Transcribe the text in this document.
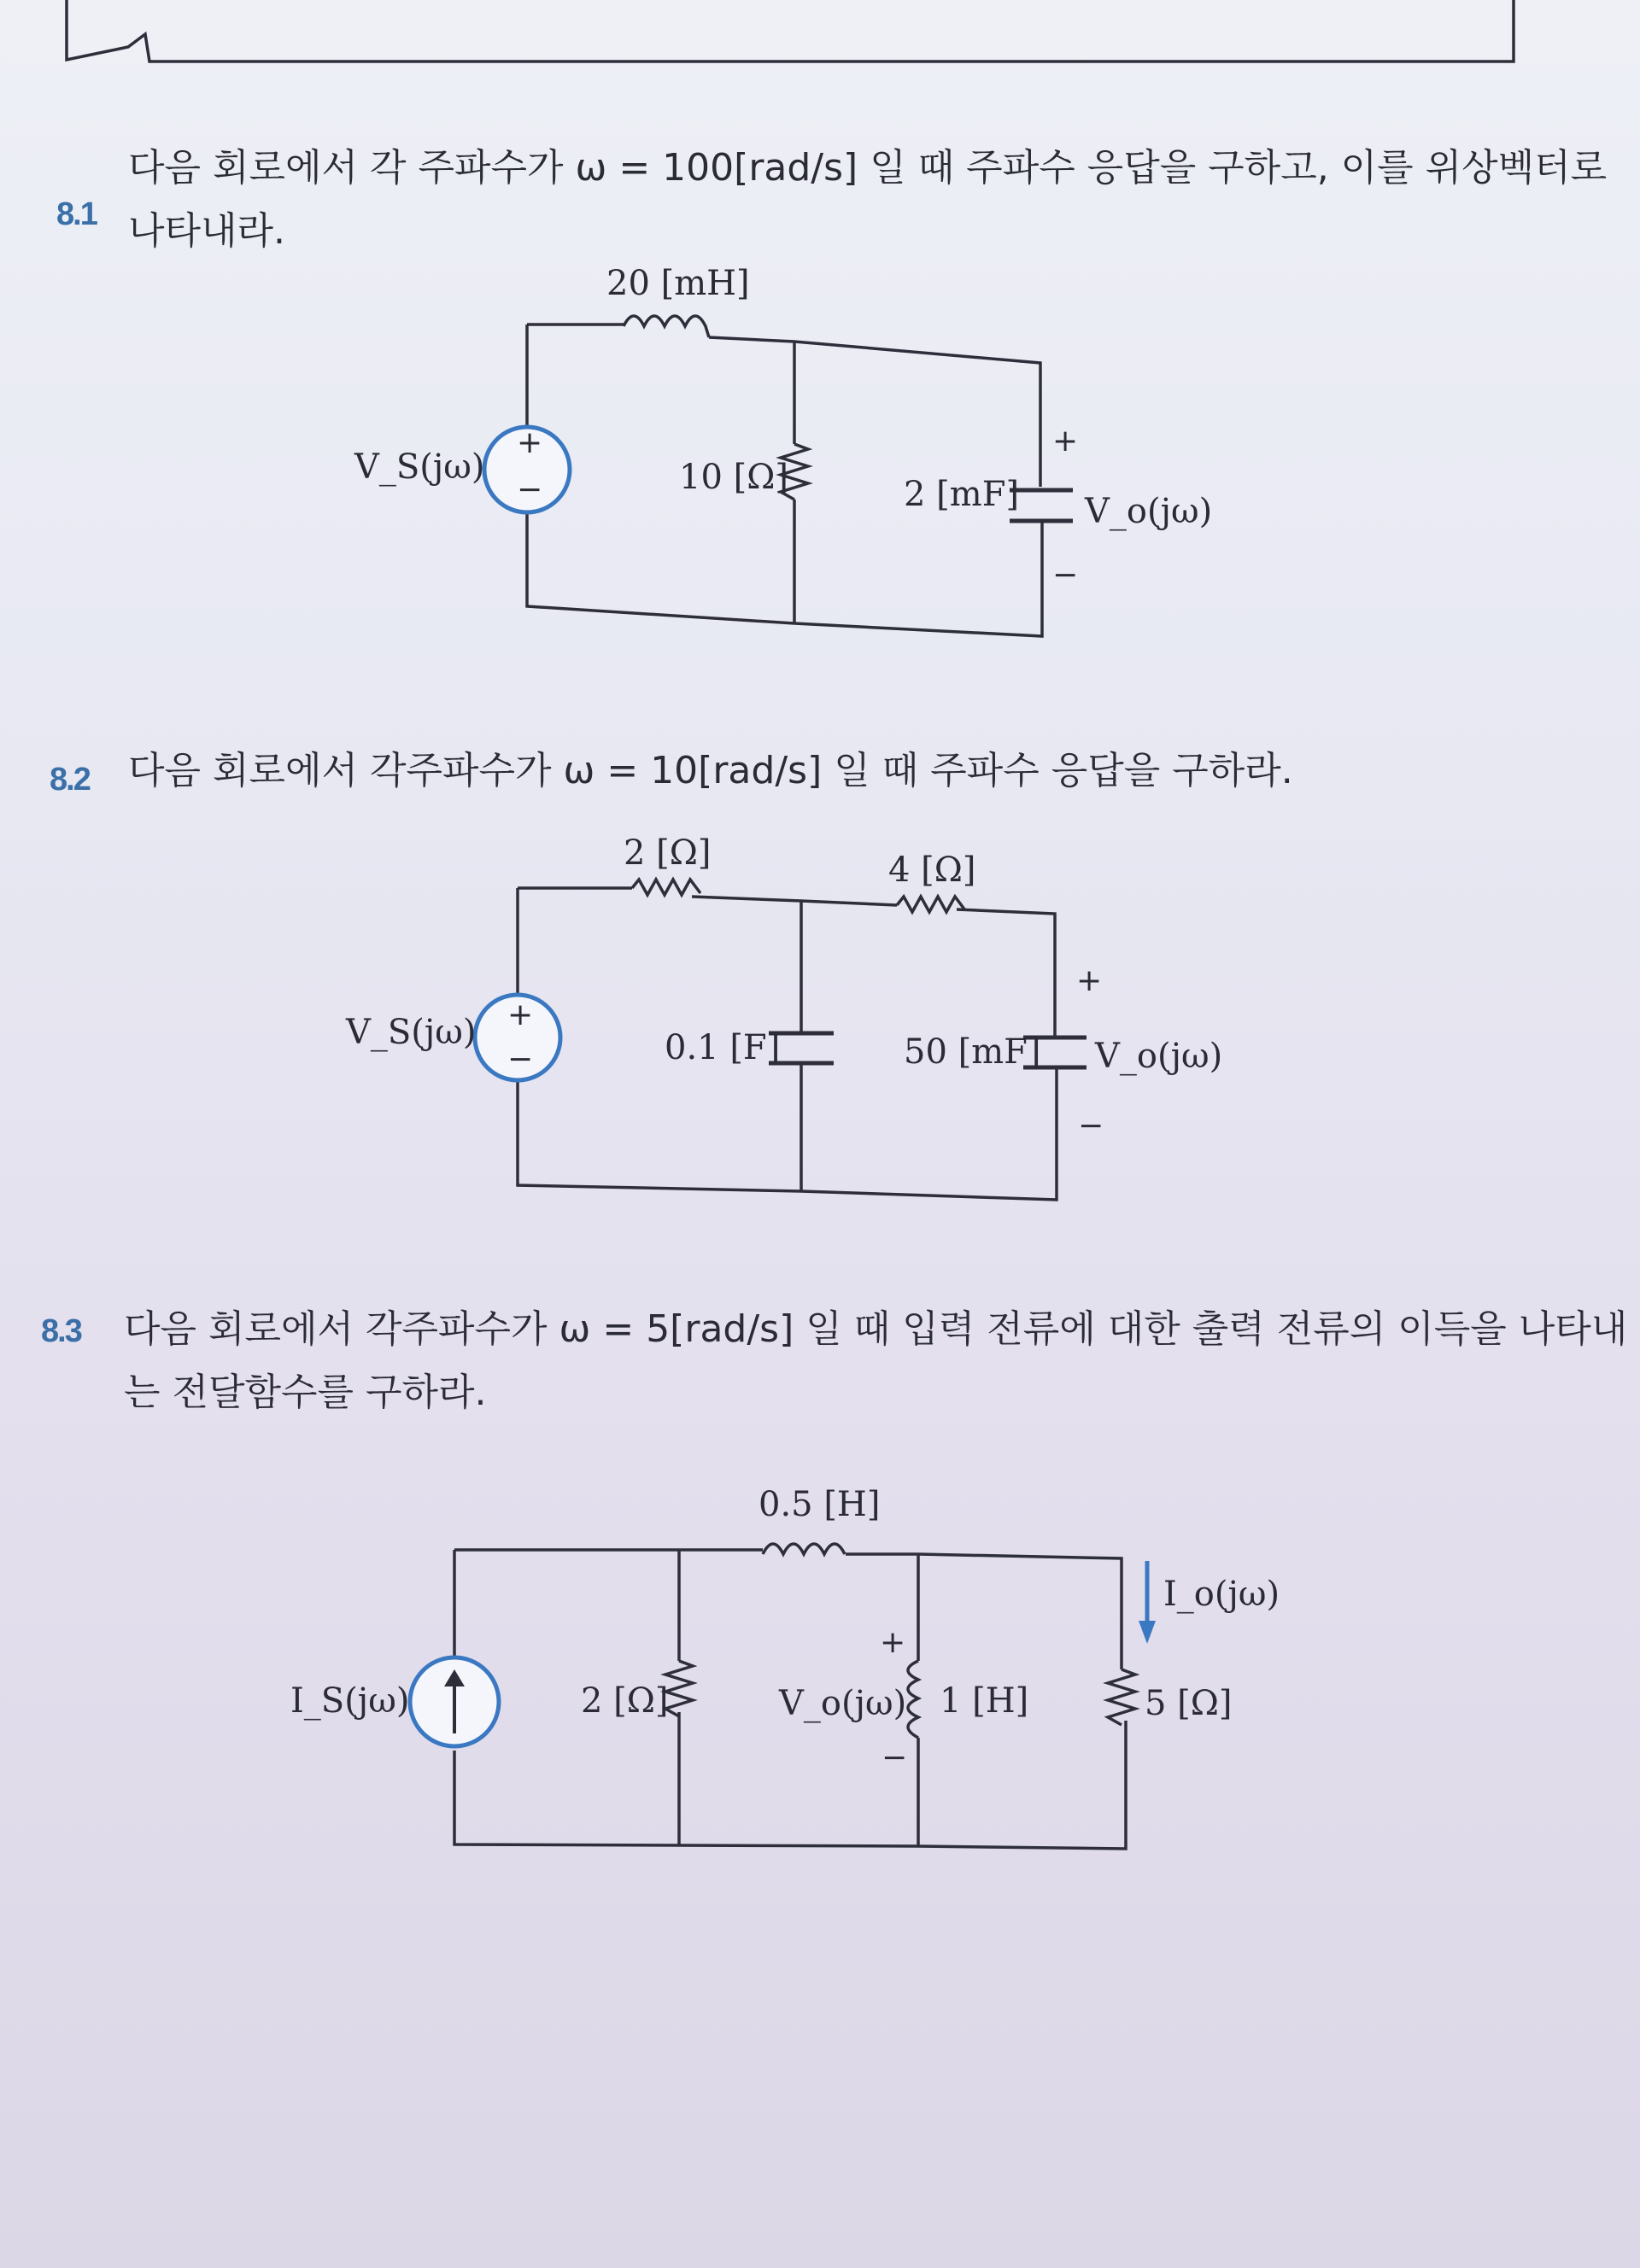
8.1
다음 회로에서 각 주파수가 ω = 100[rad/s] 일 때 주파수 응답을 구하고, 이를 위상벡터로
나타내라.
+
−
20 [mH]
10 [Ω]	2 [mF]
V_S(jω)
V_o(jω)
+
−
8.2 다음 회로에서 각주파수가 ω = 10[rad/s] 일 때 주파수 응답을 구하라.
+
−
2 [Ω]	4 [Ω]
0.1 [F]	50 [mF]
V_S(jω)
V_o(jω)
+
−
8.3 다음 회로에서 각주파수가 ω = 5[rad/s] 일 때 입력 전류에 대한 출력 전류의 이득을 나타내
는 전달함수를 구하라.
0.5 [H]
2 [Ω]	1 [H]	5 [Ω]
I_S(jω)	V_o(jω)
+
−
I_o(jω)
